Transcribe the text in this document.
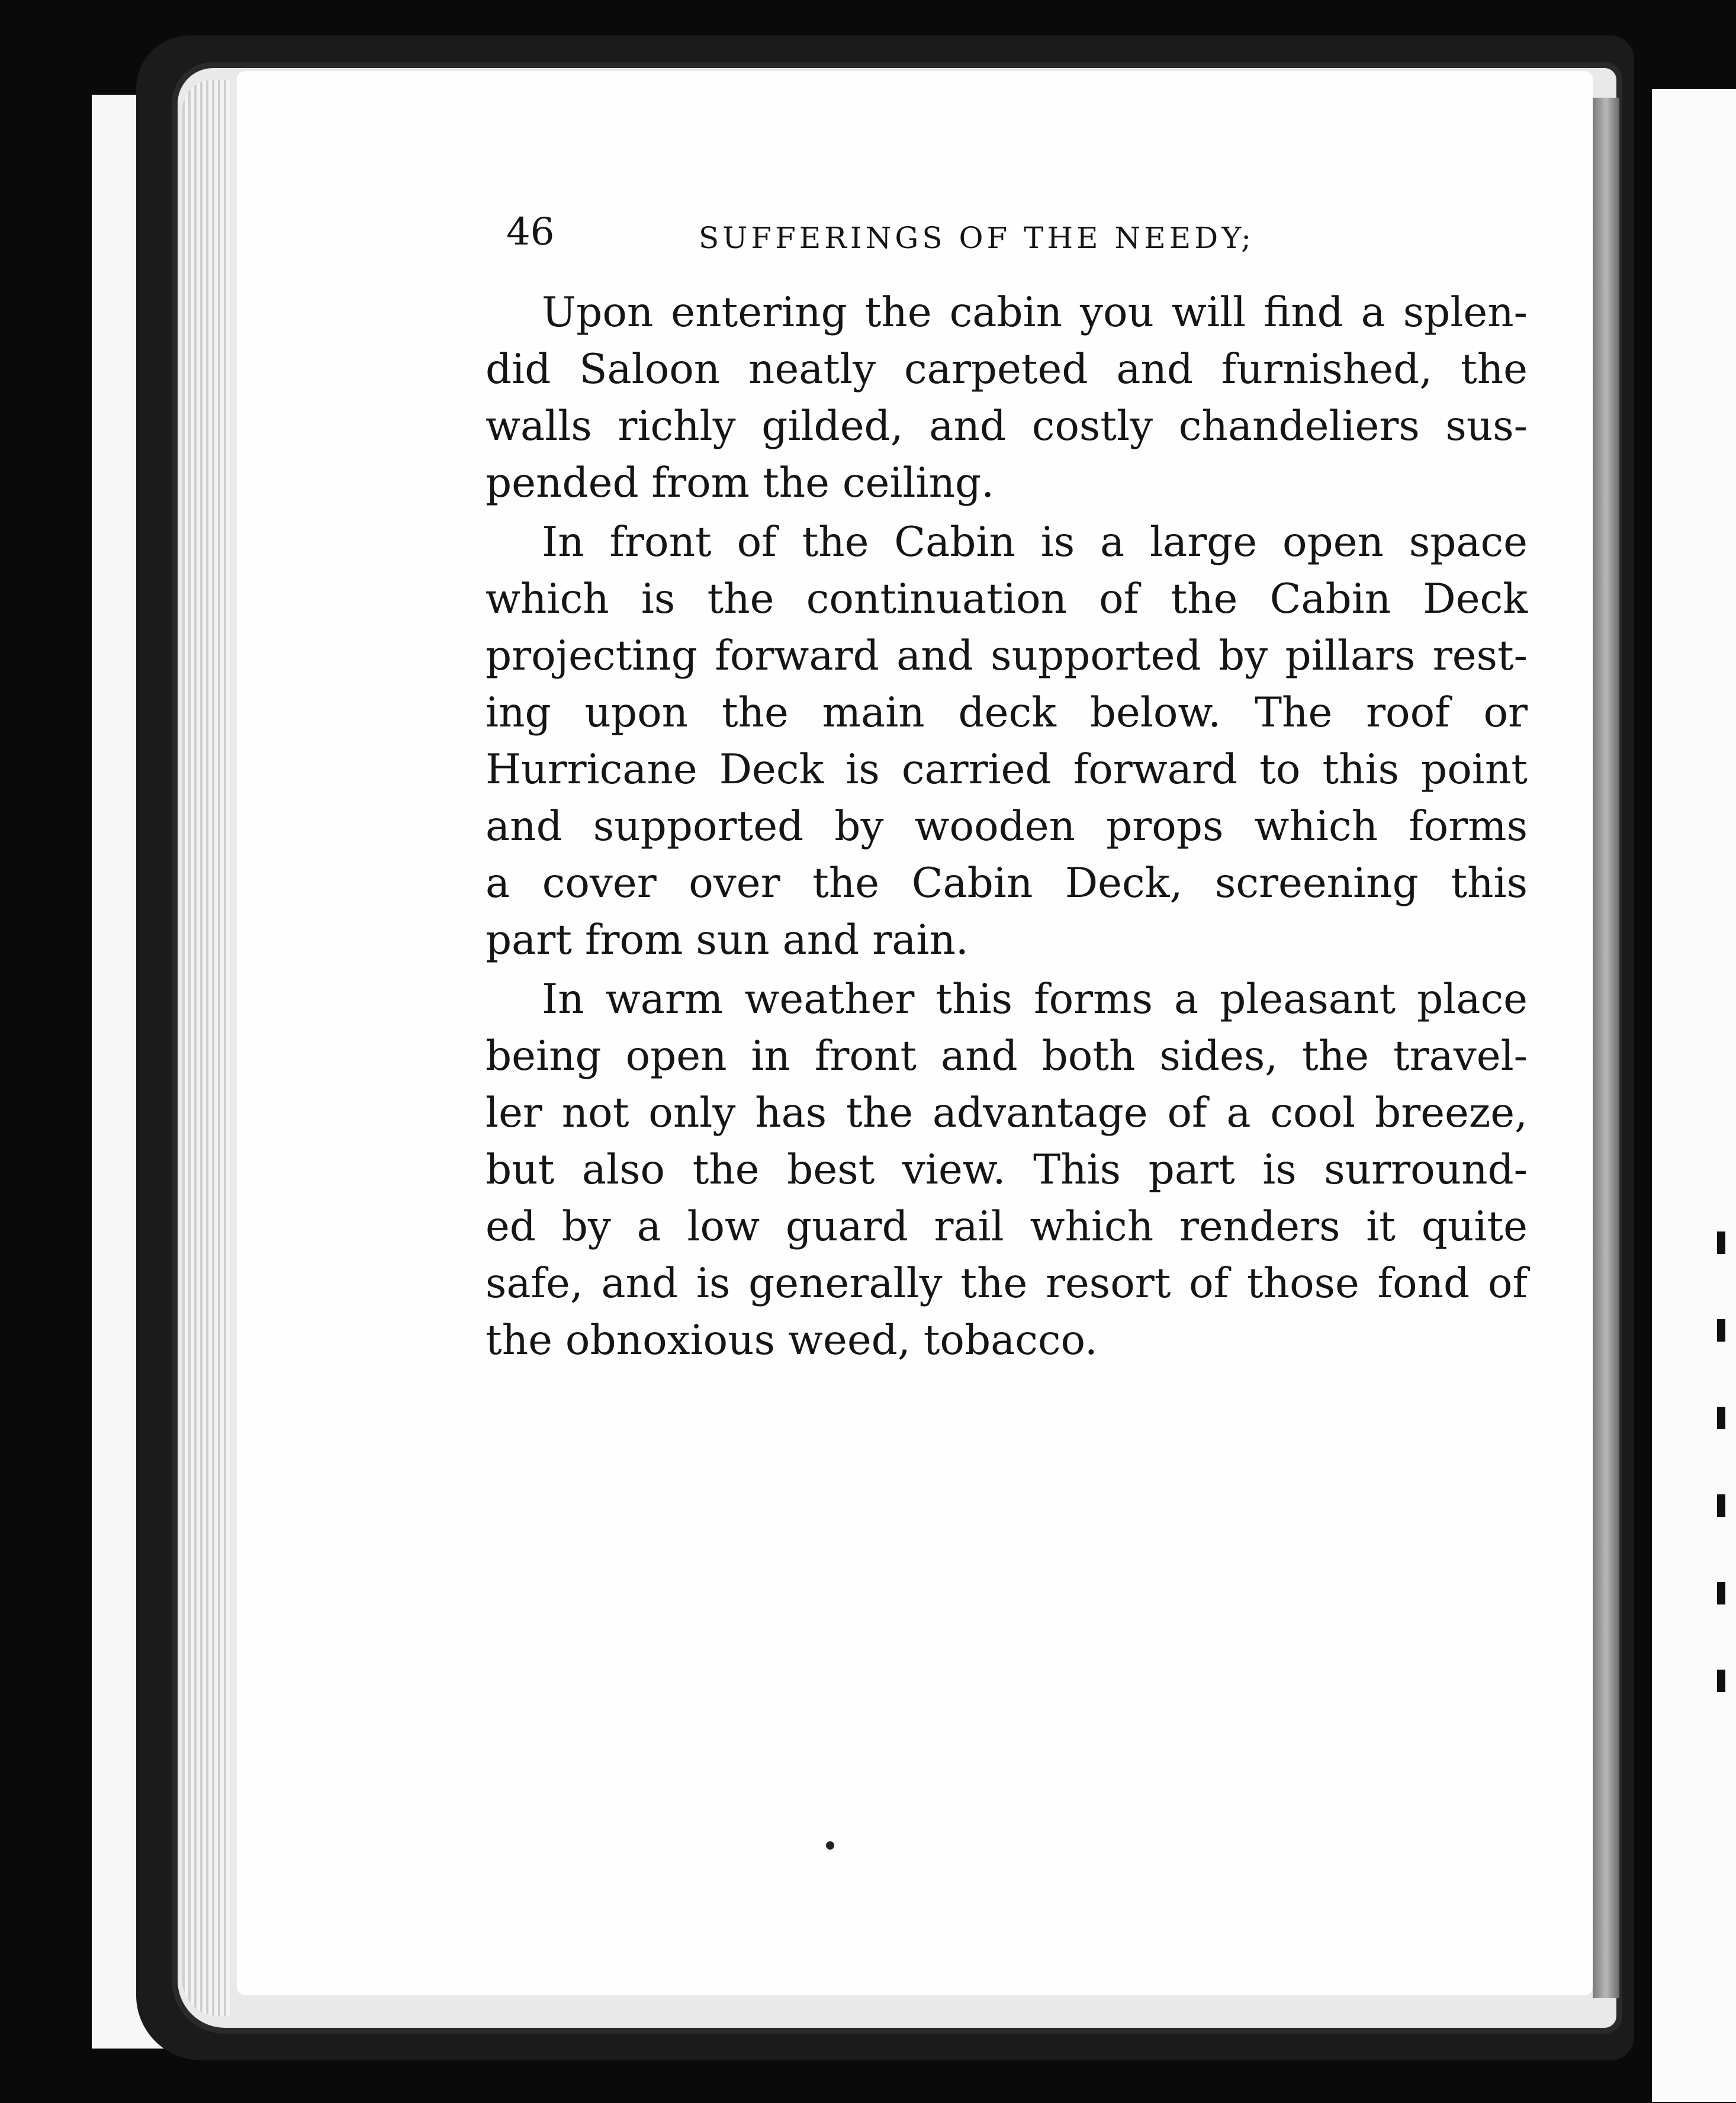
46	SUFFERINGS OF THE NEEDY;
Upon entering the cabin you will find a splen-
did Saloon neatly carpeted and furnished, the
walls richly gilded, and costly chandeliers sus-
pended from the ceiling.
In front of the Cabin is a large open space
which is the continuation of the Cabin Deck
projecting forward and supported by pillars rest-
ing upon the main deck below. The roof or
Hurricane Deck is carried forward to this point
and supported by wooden props which forms
a cover over the Cabin Deck, screening this
part from sun and rain.
In warm weather this forms a pleasant place
being open in front and both sides, the travel-
ler not only has the advantage of a cool breeze,
but also the best view. This part is surround-
ed by a low guard rail which renders it quite
safe, and is generally the resort of those fond of
the obnoxious weed, tobacco.
